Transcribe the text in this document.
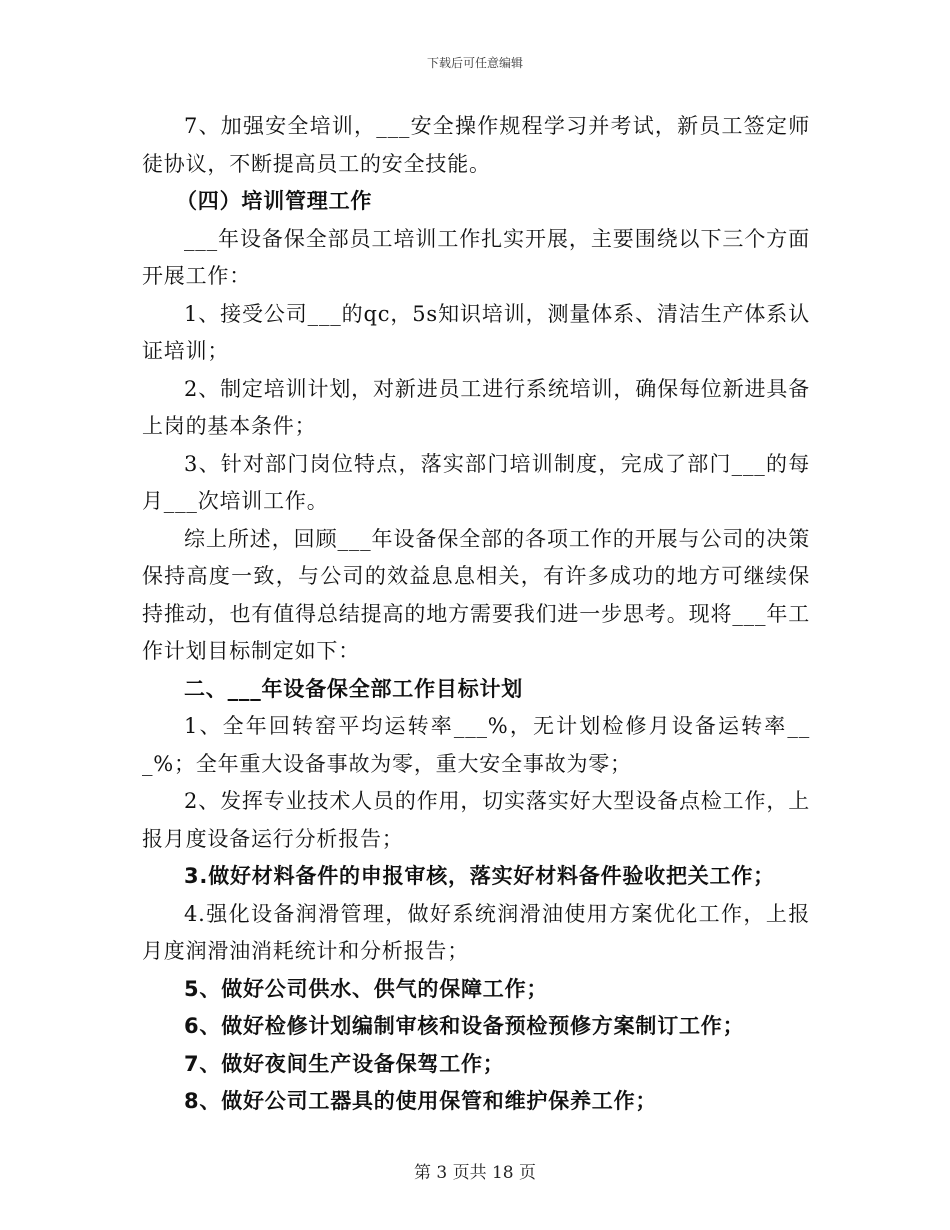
下载后可任意编辑

7、加强安全培训，___安全操作规程学习并考试，新员工签定师徒协议，不断提高员工的安全技能。

（四）培训管理工作

___年设备保全部员工培训工作扎实开展，主要围绕以下三个方面开展工作：

1、接受公司___的qc，5s知识培训，测量体系、清洁生产体系认证培训；

2、制定培训计划，对新进员工进行系统培训，确保每位新进具备上岗的基本条件；

3、针对部门岗位特点，落实部门培训制度，完成了部门___的每月___次培训工作。

综上所述，回顾___年设备保全部的各项工作的开展与公司的决策保持高度一致，与公司的效益息息相关，有许多成功的地方可继续保持推动，也有值得总结提高的地方需要我们进一步思考。现将___年工作计划目标制定如下：

二、___年设备保全部工作目标计划

1、全年回转窑平均运转率___%，无计划检修月设备运转率___%；全年重大设备事故为零，重大安全事故为零；

2、发挥专业技术人员的作用，切实落实好大型设备点检工作，上报月度设备运行分析报告；

3.做好材料备件的申报审核，落实好材料备件验收把关工作；

4.强化设备润滑管理，做好系统润滑油使用方案优化工作，上报月度润滑油消耗统计和分析报告；

5、做好公司供水、供气的保障工作；

6、做好检修计划编制审核和设备预检预修方案制订工作；

7、做好夜间生产设备保驾工作；

8、做好公司工器具的使用保管和维护保养工作；

第 3 页共 18 页
